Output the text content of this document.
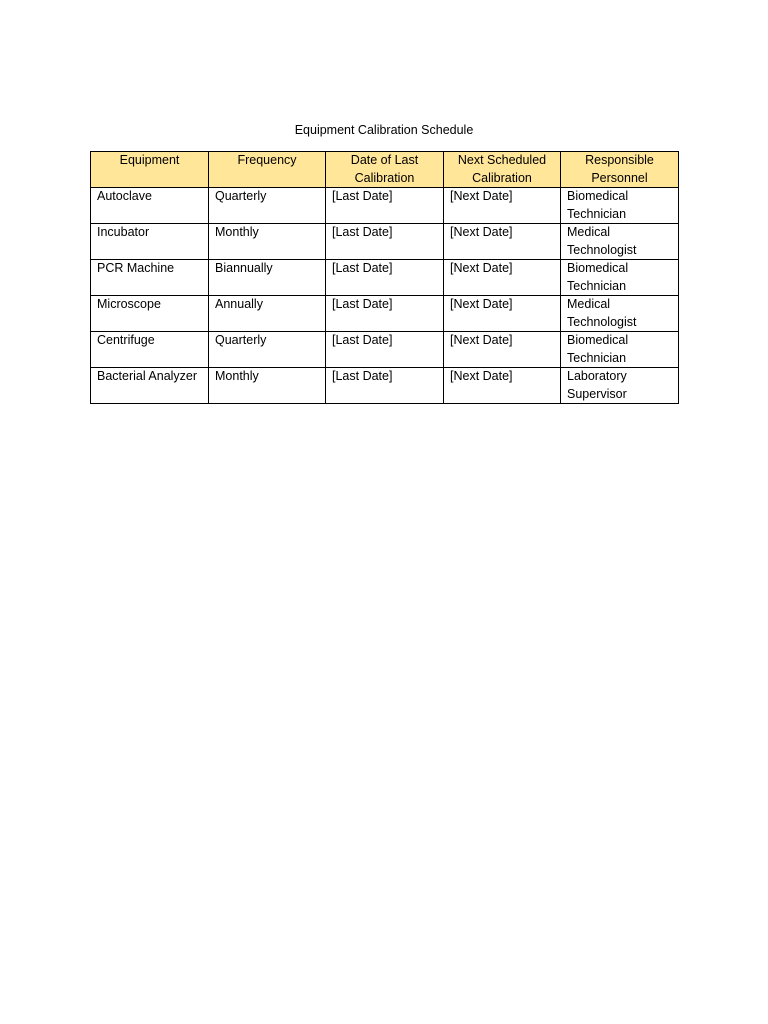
Equipment Calibration Schedule
Equipment	Frequency	Date of Last Calibration	Next Scheduled Calibration	Responsible Personnel
Autoclave	Quarterly	[Last Date]	[Next Date]	Biomedical Technician
Incubator	Monthly	[Last Date]	[Next Date]	Medical Technologist
PCR Machine	Biannually	[Last Date]	[Next Date]	Biomedical Technician
Microscope	Annually	[Last Date]	[Next Date]	Medical Technologist
Centrifuge	Quarterly	[Last Date]	[Next Date]	Biomedical Technician
Bacterial Analyzer	Monthly	[Last Date]	[Next Date]	Laboratory Supervisor
